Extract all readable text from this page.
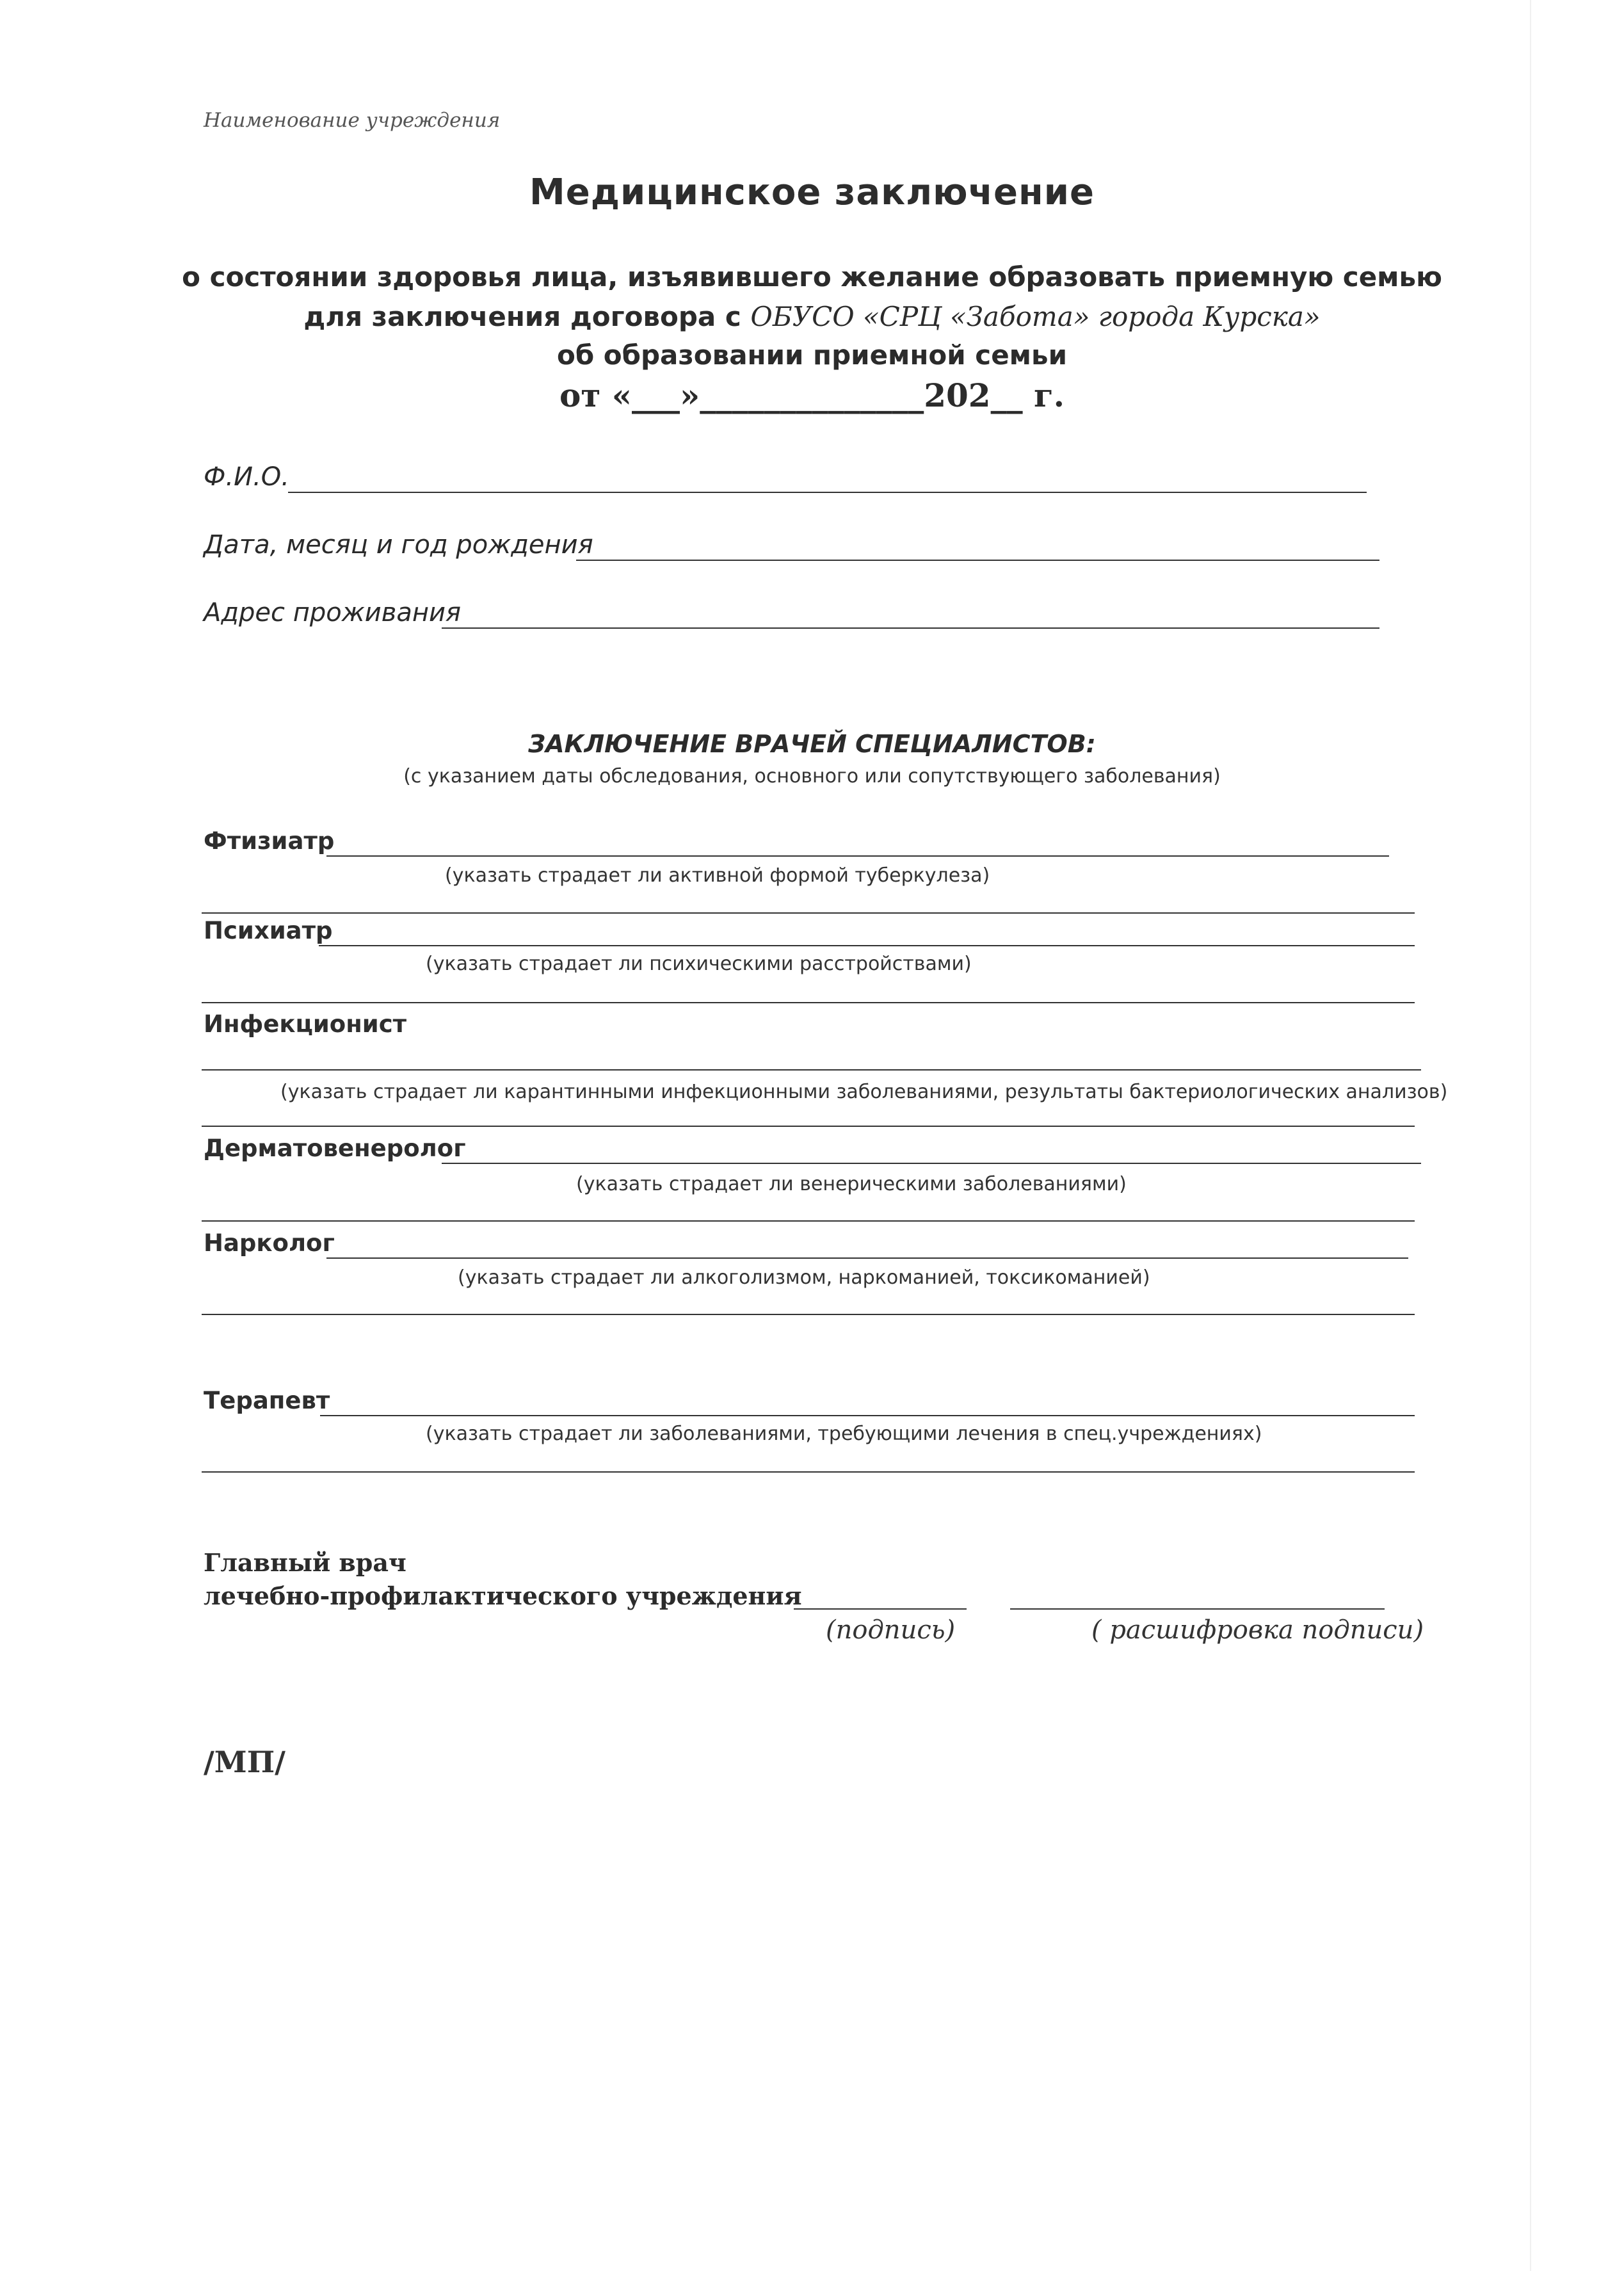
Наименование учреждения
Медицинское заключение
о состоянии здоровья лица, изъявившего желание образовать приемную семью
для заключения договора с ОБУСО «СРЦ «Забота» города Курска»
об образовании приемной семьи
от «___»______________202__ г.
Ф.И.О.
Дата, месяц и год рождения
Адрес проживания
ЗАКЛЮЧЕНИЕ ВРАЧЕЙ СПЕЦИАЛИСТОВ:
(с указанием даты обследования, основного или сопутствующего заболевания)
Фтизиатр
(указать страдает ли активной формой туберкулеза)
Психиатр
(указать страдает ли психическими расстройствами)
Инфекционист
(указать страдает ли карантинными инфекционными заболеваниями, результаты бактериологических анализов)
Дерматовенеролог
(указать страдает ли венерическими заболеваниями)
Нарколог
(указать страдает ли алкоголизмом, наркоманией, токсикоманией)
Терапевт
(указать страдает ли заболеваниями, требующими лечения в спец.учреждениях)
Главный врач
лечебно-профилактического учреждения
(подпись)	( расшифровка подписи)
/МП/
